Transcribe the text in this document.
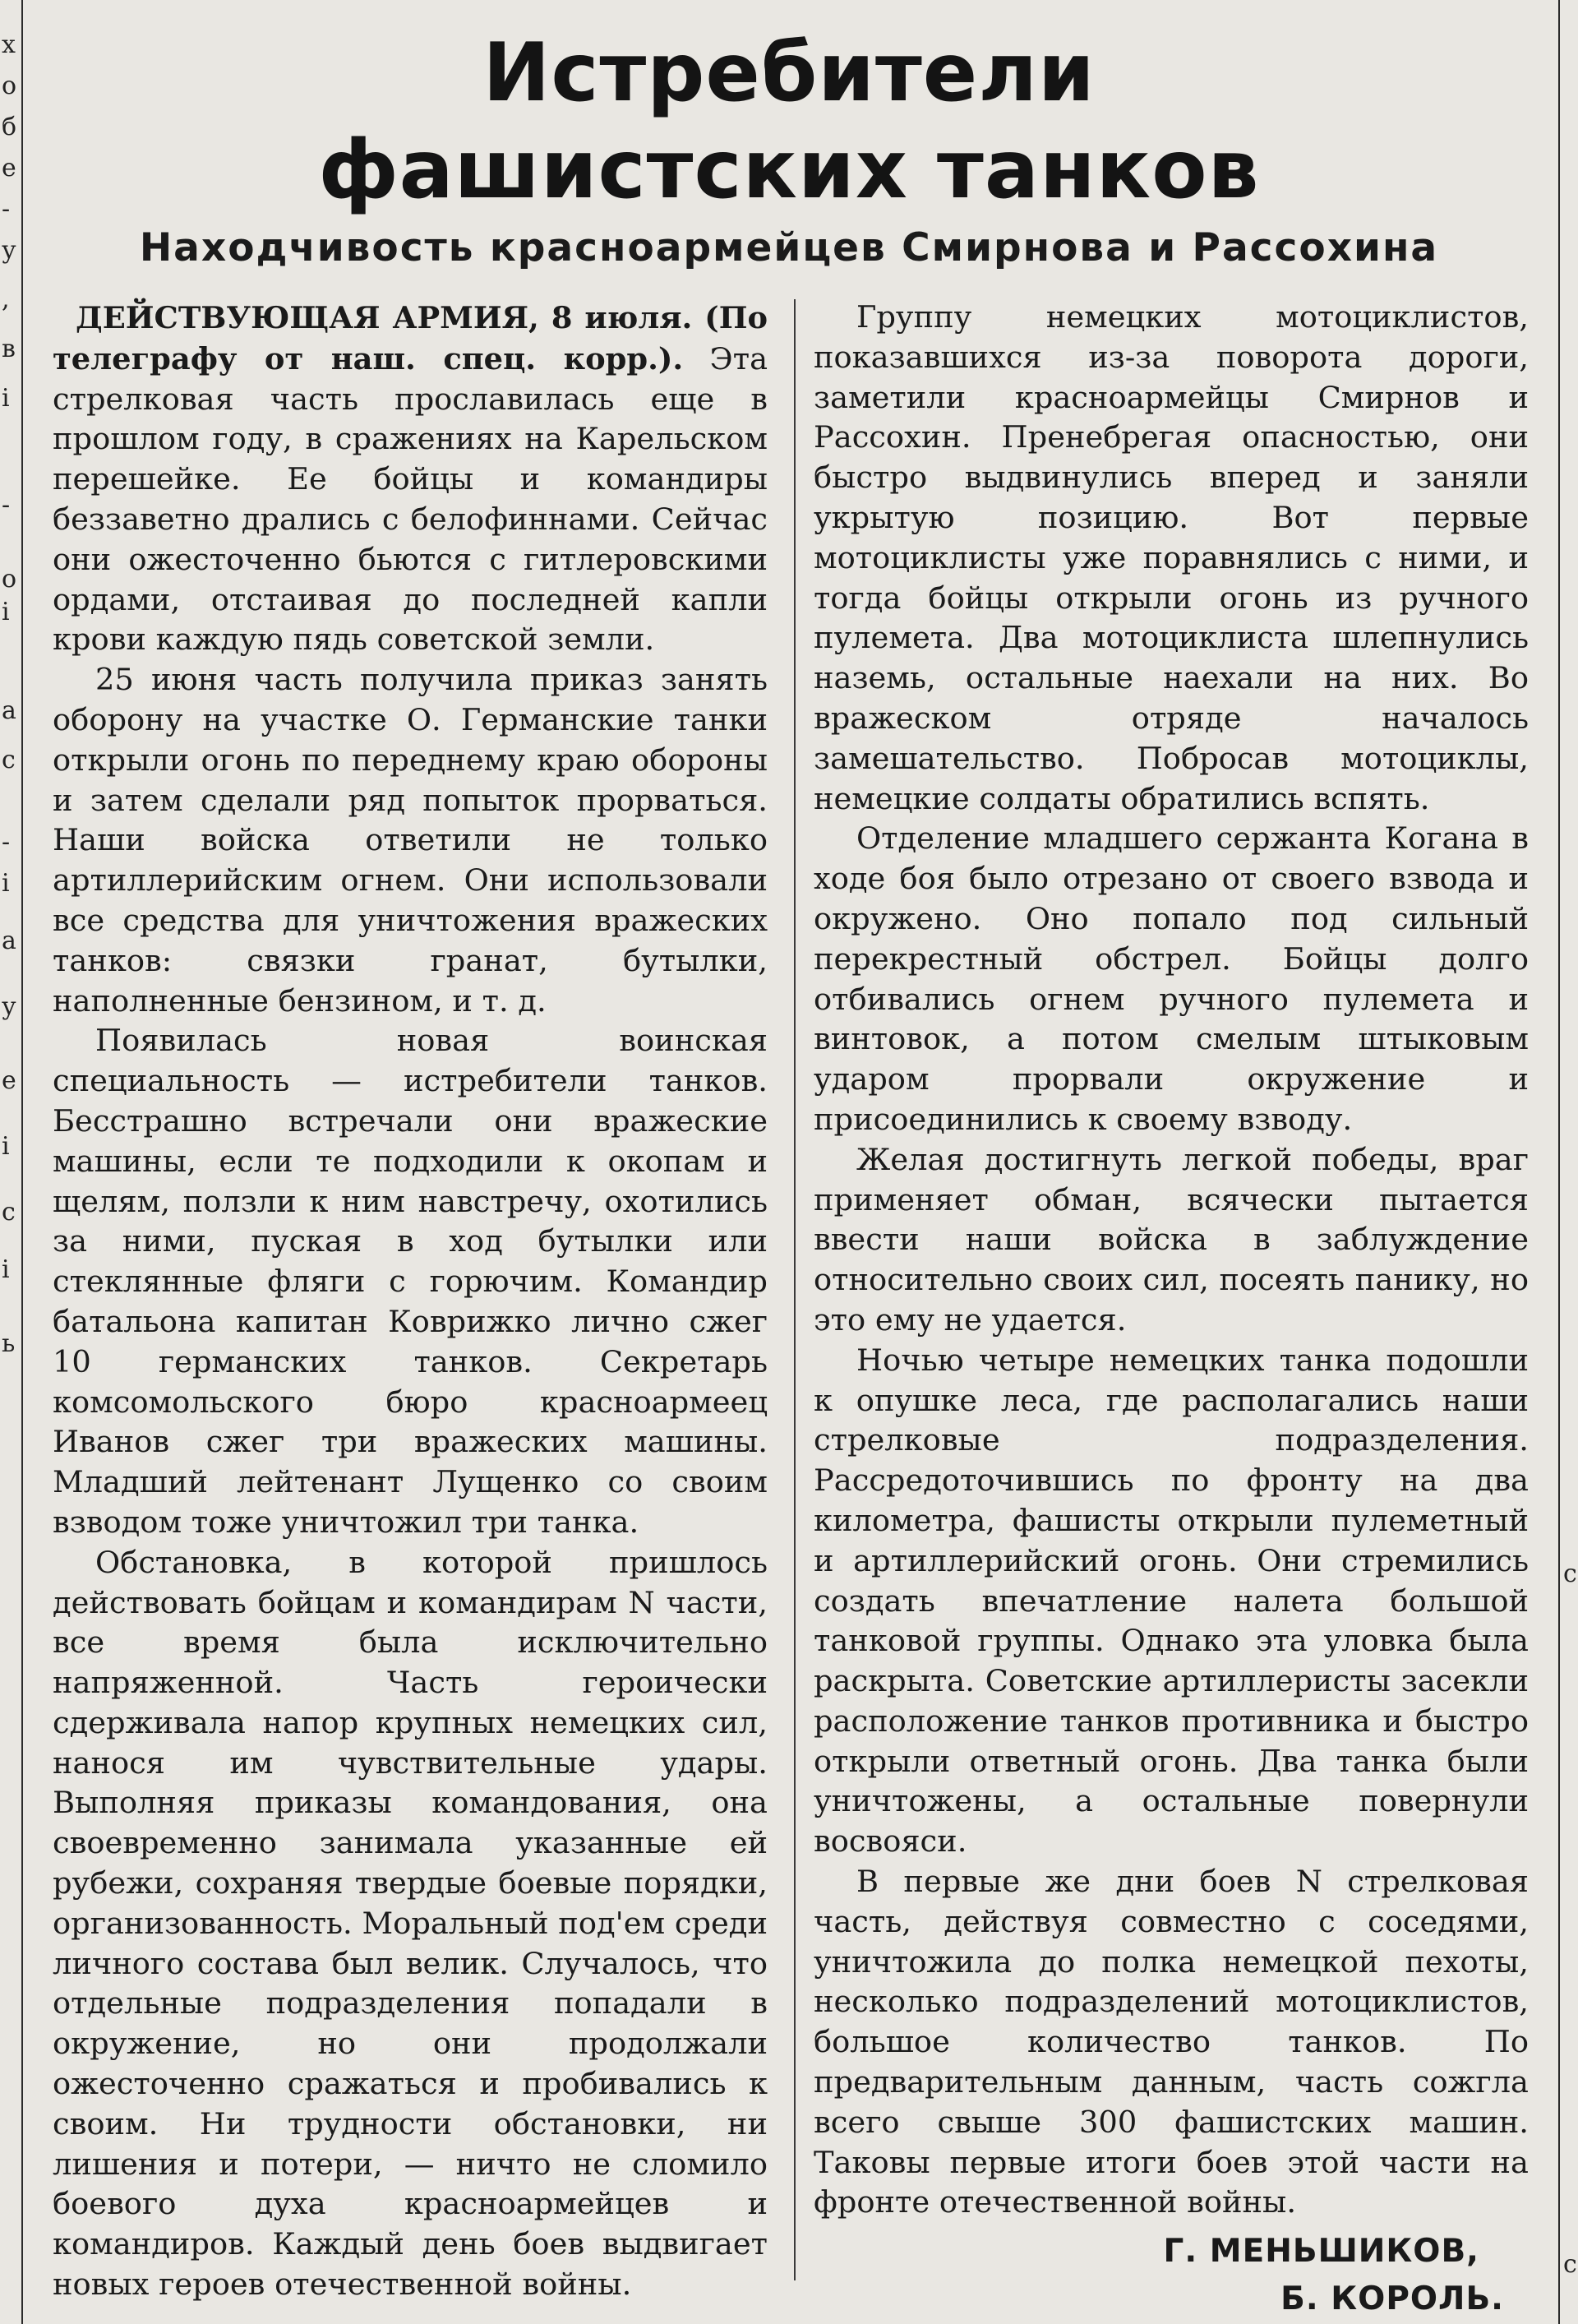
х
о
б
е
-
у
,
в
і
-
о
і
а
с
-
і
а
у
е
і
с
і
ь
с
с
Истребители
фашистских танков
Находчивость красноармейцев Смирнова и Рассохина

ДЕЙСТВУЮЩАЯ АРМИЯ, 8 июля. (По телеграфу от наш. спец. корр.). Эта стрелковая часть прославилась еще в прошлом году, в сражениях на Карельском перешейке. Ее бойцы и командиры беззаветно дрались с белофиннами. Сейчас они ожесточенно бьются с гитлеровскими ордами, отстаивая до последней капли крови каждую пядь советской земли.

25 июня часть получила приказ занять оборону на участке О. Германские танки открыли огонь по переднему краю обороны и затем сделали ряд попыток прорваться. Наши войска ответили не только артиллерийским огнем. Они использовали все средства для уничтожения вражеских танков: связки гранат, бутылки, наполненные бензином, и т. д.

Появилась новая воинская специальность — истребители танков. Бесстрашно встречали они вражеские машины, если те подходили к окопам и щелям, ползли к ним навстречу, охотились за ними, пуская в ход бутылки или стеклянные фляги с горючим. Командир батальона капитан Коврижко лично сжег 10 германских танков. Секретарь комсомольского бюро красноармеец Иванов сжег три вражеских машины. Младший лейтенант Лущенко со своим взводом тоже уничтожил три танка.

Обстановка, в которой пришлось действовать бойцам и командирам N части, все время была исключительно напряженной. Часть героически сдерживала напор крупных немецких сил, нанося им чувствительные удары. Выполняя приказы командования, она своевременно занимала указанные ей рубежи, сохраняя твердые боевые порядки, организованность. Моральный под'ем среди личного состава был велик. Случалось, что отдельные подразделения попадали в окружение, но они продолжали ожесточенно сражаться и пробивались к своим. Ни трудности обстановки, ни лишения и потери, — ничто не сломило боевого духа красноармейцев и командиров. Каждый день боев выдвигает новых героев отечественной войны.

Группу немецких мотоциклистов, показавшихся из-за поворота дороги, заметили красноармейцы Смирнов и Рассохин. Пренебрегая опасностью, они быстро выдвинулись вперед и заняли укрытую позицию. Вот первые мотоциклисты уже поравнялись с ними, и тогда бойцы открыли огонь из ручного пулемета. Два мотоциклиста шлепнулись наземь, остальные наехали на них. Во вражеском отряде началось замешательство. Побросав мотоциклы, немецкие солдаты обратились вспять.

Отделение младшего сержанта Когана в ходе боя было отрезано от своего взвода и окружено. Оно попало под сильный перекрестный обстрел. Бойцы долго отбивались огнем ручного пулемета и винтовок, а потом смелым штыковым ударом прорвали окружение и присоединились к своему взводу.

Желая достигнуть легкой победы, враг применяет обман, всячески пытается ввести наши войска в заблуждение относительно своих сил, посеять панику, но это ему не удается.

Ночью четыре немецких танка подошли к опушке леса, где располагались наши стрелковые подразделения. Рассредоточившись по фронту на два километра, фашисты открыли пулеметный и артиллерийский огонь. Они стремились создать впечатление налета большой танковой группы. Однако эта уловка была раскрыта. Советские артиллеристы засекли расположение танков противника и быстро открыли ответный огонь. Два танка были уничтожены, а остальные повернули восвояси.

В первые же дни боев N стрелковая часть, действуя совместно с соседями, уничтожила до полка немецкой пехоты, несколько подразделений мотоциклистов, большое количество танков. По предварительным данным, часть сожгла всего свыше 300 фашистских машин. Таковы первые итоги боев этой части на фронте отечественной войны.

Г. МЕНЬШИКОВ,
Б. КОРОЛЬ.
